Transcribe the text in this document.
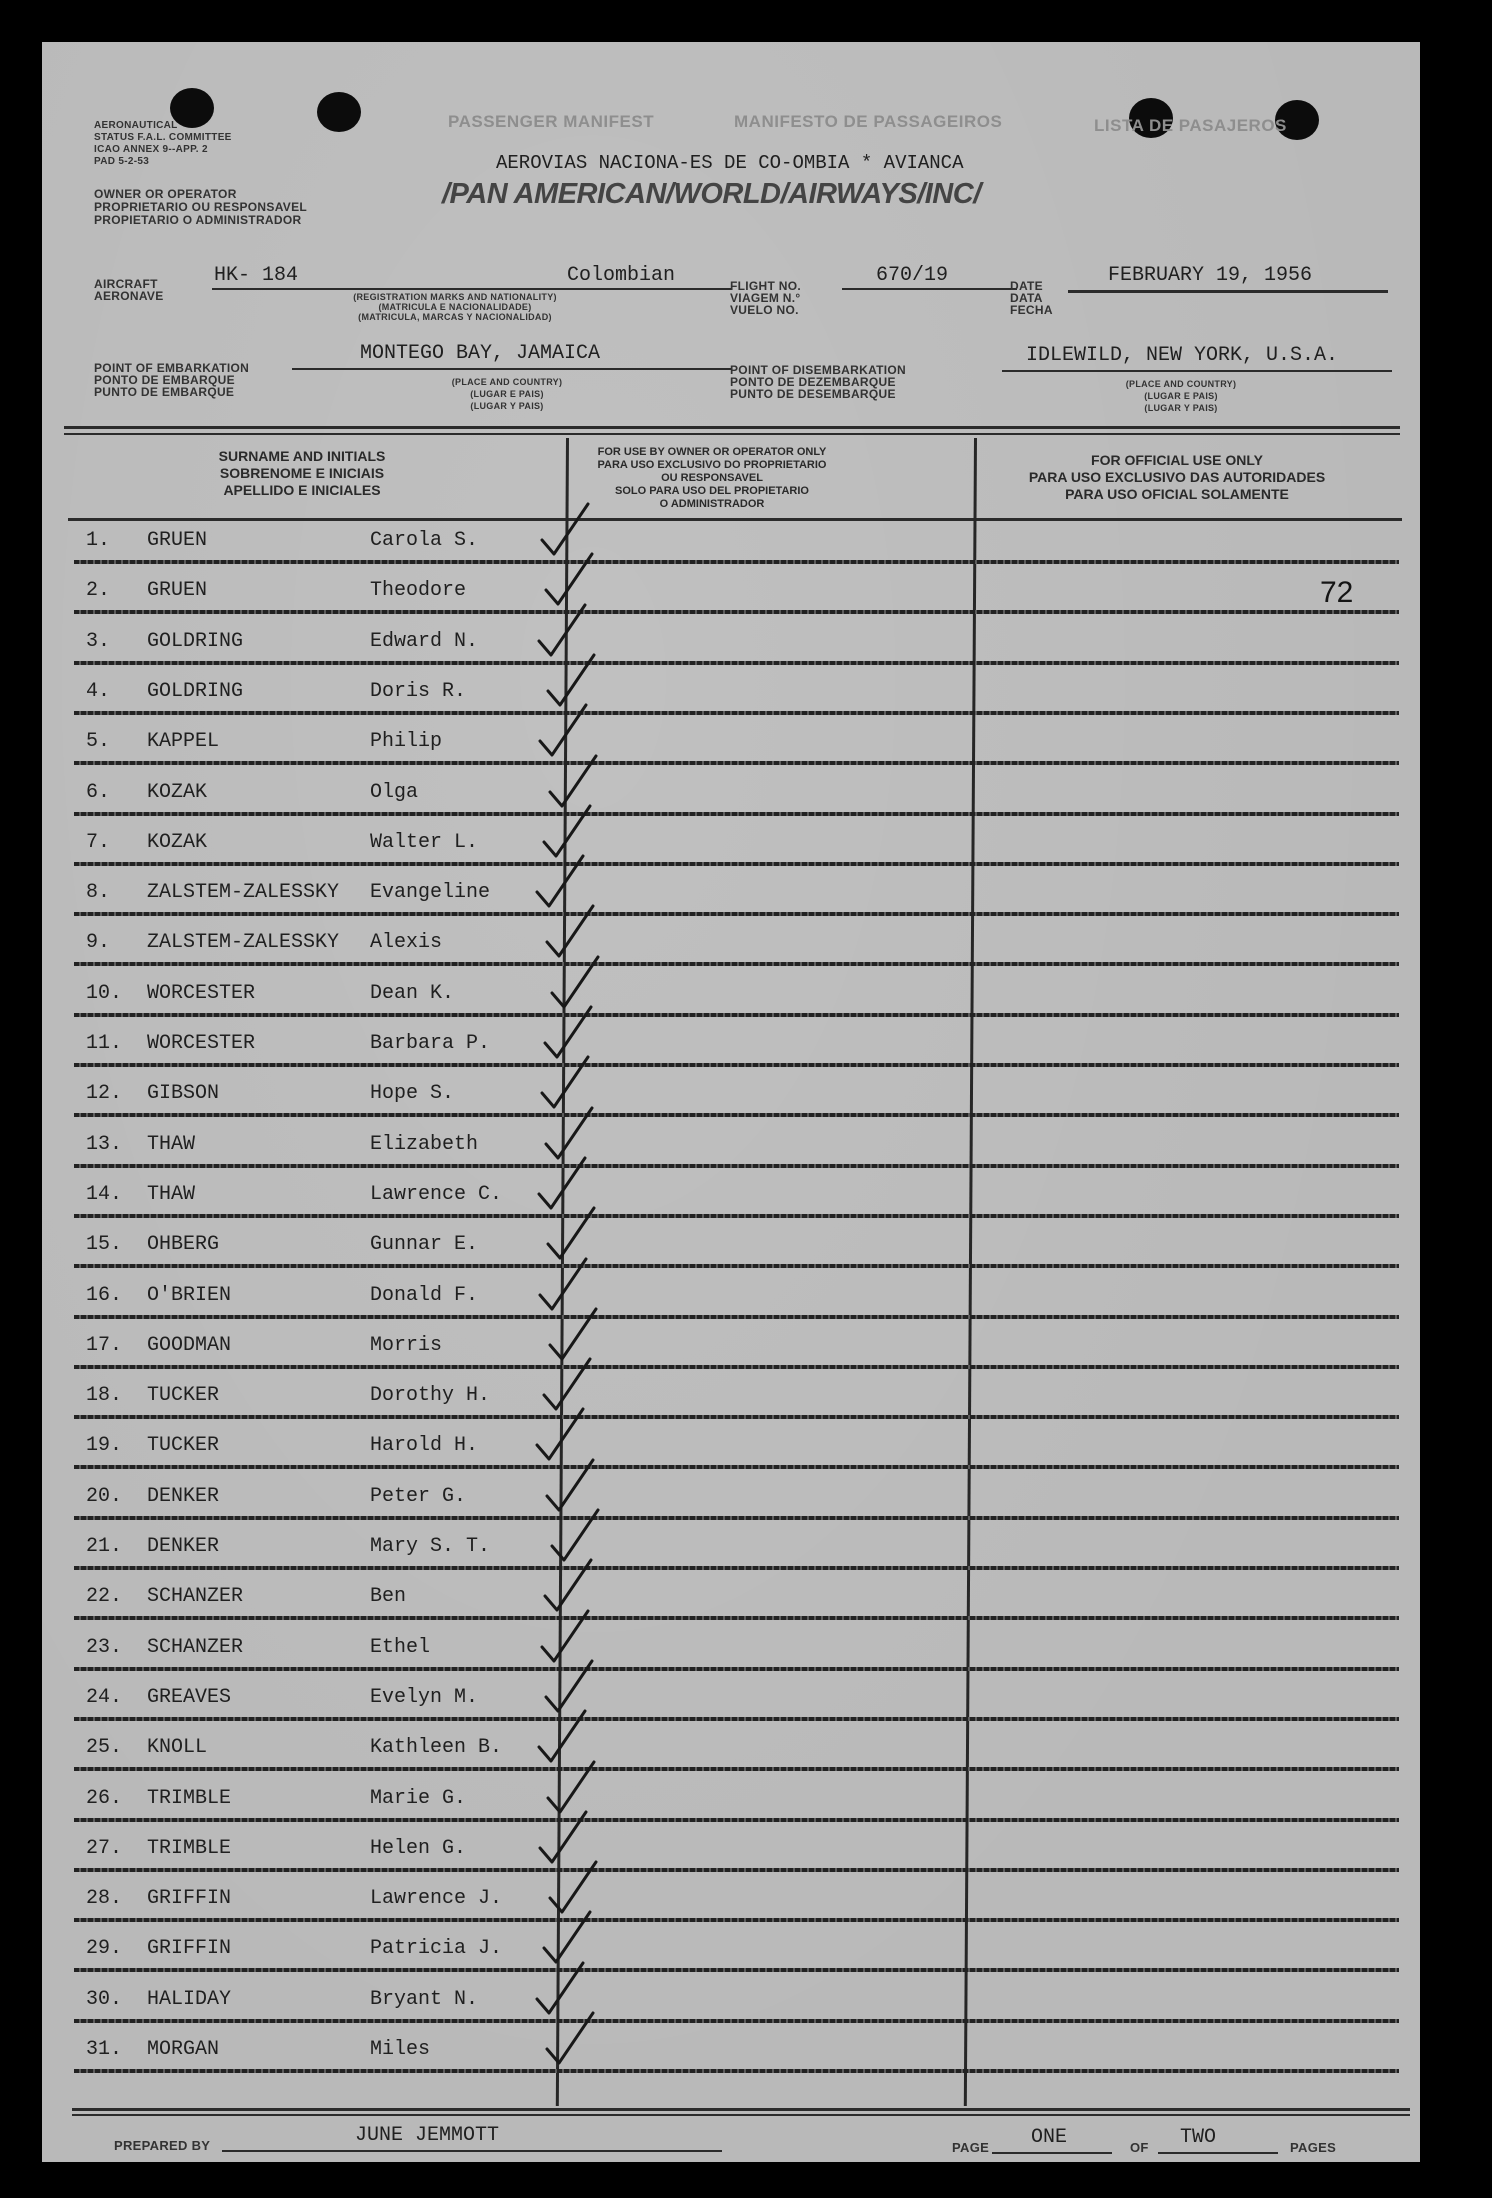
AERONAUTICAL
STATUS F.A.L. COMMITTEE
ICAO ANNEX 9--APP. 2
PAD 5-2-53
PASSENGER MANIFEST	MANIFESTO DE PASSAGEIROS	LISTA DE PASAJEROS
OWNER OR OPERATOR
PROPRIETARIO OU RESPONSAVEL
PROPIETARIO O ADMINISTRADOR
AEROVIAS NACIONA-ES DE CO-OMBIA * AVIANCA
/PAN AMERICAN/WORLD/AIRWAYS/INC/
AIRCRAFT
AERONAVE
HK- 184	Colombian
(REGISTRATION MARKS AND NATIONALITY)
(MATRICULA E NACIONALIDADE)
(MATRICULA, MARCAS Y NACIONALIDAD)
FLIGHT NO.
VIAGEM N.°
VUELO NO.
670/19	DATE
DATA
FECHA
FEBRUARY 19, 1956
POINT OF EMBARKATION
PONTO DE EMBARQUE
PUNTO DE EMBARQUE
MONTEGO BAY, JAMAICA
(PLACE AND COUNTRY)
(LUGAR E PAIS)
(LUGAR Y PAIS)
POINT OF DISEMBARKATION
PONTO DE DEZEMBARQUE
PUNTO DE DESEMBARQUE
IDLEWILD, NEW YORK, U.S.A.
(PLACE AND COUNTRY)
(LUGAR E PAIS)
(LUGAR Y PAIS)
SURNAME AND INITIALS
SOBRENOME E INICIAIS
APELLIDO E INICIALES
FOR USE BY OWNER OR OPERATOR ONLY
PARA USO EXCLUSIVO DO PROPRIETARIO
OU RESPONSAVEL
SOLO PARA USO DEL PROPIETARIO
O ADMINISTRADOR
FOR OFFICIAL USE ONLY
PARA USO EXCLUSIVO DAS AUTORIDADES
PARA USO OFICIAL SOLAMENTE
1. GRUEN	Carola S.
2. GRUEN	Theodore
3. GOLDRING	Edward N.
4. GOLDRING	Doris R.
5. KAPPEL	Philip
6. KOZAK	Olga
7. KOZAK	Walter L.
8. ZALSTEM-ZALESSKY Evangeline
9. ZALSTEM-ZALESSKY Alexis
10. WORCESTER	Dean K.
11. WORCESTER	Barbara P.
12. GIBSON	Hope S.
13. THAW	Elizabeth
14. THAW	Lawrence C.
15. OHBERG	Gunnar E.
16. O'BRIEN	Donald F.
17. GOODMAN	Morris
18. TUCKER	Dorothy H.
19. TUCKER	Harold H.
20. DENKER	Peter G.
21. DENKER	Mary S. T.
22. SCHANZER	Ben
23. SCHANZER	Ethel
24. GREAVES	Evelyn M.
25. KNOLL	Kathleen B.
26. TRIMBLE	Marie G.
27. TRIMBLE	Helen G.
28. GRIFFIN	Lawrence J.
29. GRIFFIN	Patricia J.
30. HALIDAY	Bryant N.
31. MORGAN	Miles
72
PREPARED BY	JUNE JEMMOTT
PAGE ONE	OF TWO	PAGES
